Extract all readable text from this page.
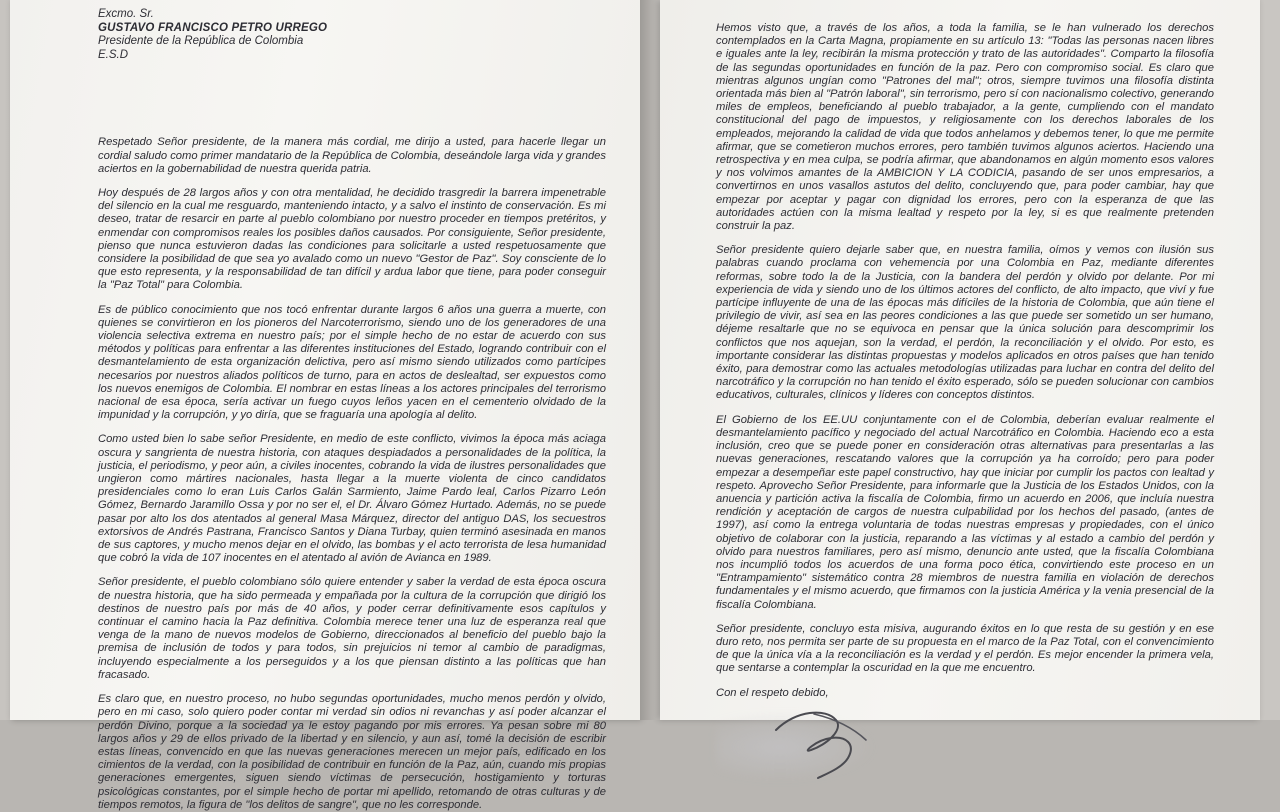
Excmo. Sr.
GUSTAVO FRANCISCO PETRO URREGO
Presidente de la República de Colombia
E.S.D

Respetado Señor presidente, de la manera más cordial, me dirijo a usted, para hacerle llegar un cordial saludo como primer mandatario de la República de Colombia, deseándole larga vida y grandes aciertos en la gobernabilidad de nuestra querida patria.

Hoy después de 28 largos años y con otra mentalidad, he decidido trasgredir la barrera impenetrable del silencio en la cual me resguardo, manteniendo intacto, y a salvo el instinto de conservación. Es mi deseo, tratar de resarcir en parte al pueblo colombiano por nuestro proceder en tiempos pretéritos, y enmendar con compromisos reales los posibles daños causados. Por consiguiente, Señor presidente, pienso que nunca estuvieron dadas las condiciones para solicitarle a usted respetuosamente que considere la posibilidad de que sea yo avalado como un nuevo "Gestor de Paz". Soy consciente de lo que esto representa, y la responsabilidad de tan difícil y ardua labor que tiene, para poder conseguir la "Paz Total" para Colombia.

Es de público conocimiento que nos tocó enfrentar durante largos 6 años una guerra a muerte, con quienes se convirtieron en los pioneros del Narcoterrorismo, siendo uno de los generadores de una violencia selectiva extrema en nuestro país; por el simple hecho de no estar de acuerdo con sus métodos y políticas para enfrentar a las diferentes instituciones del Estado, logrando contribuir con el desmantelamiento de esta organización delictiva, pero así mismo siendo utilizados como partícipes necesarios por nuestros aliados políticos de turno, para en actos de deslealtad, ser expuestos como los nuevos enemigos de Colombia. El nombrar en estas líneas a los actores principales del terrorismo nacional de esa época, sería activar un fuego cuyos leños yacen en el cementerio olvidado de la impunidad y la corrupción, y yo diría, que se fraguaría una apología al delito.

Como usted bien lo sabe señor Presidente, en medio de este conflicto, vivimos la época más aciaga oscura y sangrienta de nuestra historia, con ataques despiadados a personalidades de la política, la justicia, el periodismo, y peor aún, a civiles inocentes, cobrando la vida de ilustres personalidades que ungieron como mártires nacionales, hasta llegar a la muerte violenta de cinco candidatos presidenciales como lo eran Luis Carlos Galán Sarmiento, Jaime Pardo leal, Carlos Pizarro León Gómez, Bernardo Jaramillo Ossa y por no ser el, el Dr. Álvaro Gómez Hurtado. Además, no se puede pasar por alto los dos atentados al general Masa Márquez, director del antiguo DAS, los secuestros extorsivos de Andrés Pastrana, Francisco Santos y Diana Turbay, quien terminó asesinada en manos de sus captores, y mucho menos dejar en el olvido, las bombas y el acto terrorista de lesa humanidad que cobró la vida de 107 inocentes en el atentado al avión de Avianca en 1989.

Señor presidente, el pueblo colombiano sólo quiere entender y saber la verdad de esta época oscura de nuestra historia, que ha sido permeada y empañada por la cultura de la corrupción que dirigió los destinos de nuestro país por más de 40 años, y poder cerrar definitivamente esos capítulos y continuar el camino hacia la Paz definitiva. Colombia merece tener una luz de esperanza real que venga de la mano de nuevos modelos de Gobierno, direccionados al beneficio del pueblo bajo la premisa de inclusión de todos y para todos, sin prejuicios ni temor al cambio de paradigmas, incluyendo especialmente a los perseguidos y a los que piensan distinto a las políticas que han fracasado.

Es claro que, en nuestro proceso, no hubo segundas oportunidades, mucho menos perdón y olvido, pero en mi caso, solo quiero poder contar mi verdad sin odios ni revanchas y así poder alcanzar el perdón Divino, porque a la sociedad ya le estoy pagando por mis errores. Ya pesan sobre mi 80 largos años y 29 de ellos privado de la libertad y en silencio, y aun así, tomé la decisión de escribir estas líneas, convencido en que las nuevas generaciones merecen un mejor país, edificado en los cimientos de la verdad, con la posibilidad de contribuir en función de la Paz, aún, cuando mis propias generaciones emergentes, siguen siendo víctimas de persecución, hostigamiento y torturas psicológicas constantes, por el simple hecho de portar mi apellido, retomando de otras culturas y de tiempos remotos, la figura de "los delitos de sangre", que no les corresponde.

Hemos visto que, a través de los años, a toda la familia, se le han vulnerado los derechos contemplados en la Carta Magna, propiamente en su artículo 13: "Todas las personas nacen libres e iguales ante la ley, recibirán la misma protección y trato de las autoridades". Comparto la filosofía de las segundas oportunidades en función de la paz. Pero con compromiso social. Es claro que mientras algunos ungían como "Patrones del mal"; otros, siempre tuvimos una filosofía distinta orientada más bien al "Patrón laboral", sin terrorismo, pero sí con nacionalismo colectivo, generando miles de empleos, beneficiando al pueblo trabajador, a la gente, cumpliendo con el mandato constitucional del pago de impuestos, y religiosamente con los derechos laborales de los empleados, mejorando la calidad de vida que todos anhelamos y debemos tener, lo que me permite afirmar, que se cometieron muchos errores, pero también tuvimos algunos aciertos. Haciendo una retrospectiva y en mea culpa, se podría afirmar, que abandonamos en algún momento esos valores y nos volvimos amantes de la AMBICION Y LA CODICIA, pasando de ser unos empresarios, a convertirnos en unos vasallos astutos del delito, concluyendo que, para poder cambiar, hay que empezar por aceptar y pagar con dignidad los errores, pero con la esperanza de que las autoridades actúen con la misma lealtad y respeto por la ley, si es que realmente pretenden construir la paz.

Señor presidente quiero dejarle saber que, en nuestra familia, oímos y vemos con ilusión sus palabras cuando proclama con vehemencia por una Colombia en Paz, mediante diferentes reformas, sobre todo la de la Justicia, con la bandera del perdón y olvido por delante. Por mi experiencia de vida y siendo uno de los últimos actores del conflicto, de alto impacto, que viví y fue partícipe influyente de una de las épocas más difíciles de la historia de Colombia, que aún tiene el privilegio de vivir, así sea en las peores condiciones a las que puede ser sometido un ser humano, déjeme resaltarle que no se equivoca en pensar que la única solución para descomprimir los conflictos que nos aquejan, son la verdad, el perdón, la reconciliación y el olvido. Por esto, es importante considerar las distintas propuestas y modelos aplicados en otros países que han tenido éxito, para demostrar como las actuales metodologías utilizadas para luchar en contra del delito del narcotráfico y la corrupción no han tenido el éxito esperado, sólo se pueden solucionar con cambios educativos, culturales, clínicos y líderes con conceptos distintos.

El Gobierno de los EE.UU conjuntamente con el de Colombia, deberían evaluar realmente el desmantelamiento pacífico y negociado del actual Narcotráfico en Colombia. Haciendo eco a esta inclusión, creo que se puede poner en consideración otras alternativas para presentarlas a las nuevas generaciones, rescatando valores que la corrupción ya ha corroído; pero para poder empezar a desempeñar este papel constructivo, hay que iniciar por cumplir los pactos con lealtad y respeto. Aprovecho Señor Presidente, para informarle que la Justicia de los Estados Unidos, con la anuencia y partición activa la fiscalía de Colombia, firmo un acuerdo en 2006, que incluía nuestra rendición y aceptación de cargos de nuestra culpabilidad por los hechos del pasado, (antes de 1997), así como la entrega voluntaria de todas nuestras empresas y propiedades, con el único objetivo de colaborar con la justicia, reparando a las víctimas y al estado a cambio del perdón y olvido para nuestros familiares, pero así mismo, denuncio ante usted, que la fiscalía Colombiana nos incumplió todos los acuerdos de una forma poco ética, convirtiendo este proceso en un "Entrampamiento" sistemático contra 28 miembros de nuestra familia en violación de derechos fundamentales y el mismo acuerdo, que firmamos con la justicia América y la venia presencial de la fiscalía Colombiana.

Señor presidente, concluyo esta misiva, augurando éxitos en lo que resta de su gestión y en ese duro reto, nos permita ser parte de su propuesta en el marco de la Paz Total, con el convencimiento de que la única vía a la reconciliación es la verdad y el perdón. Es mejor encender la primera vela, que sentarse a contemplar la oscuridad en la que me encuentro.

Con el respeto debido,
